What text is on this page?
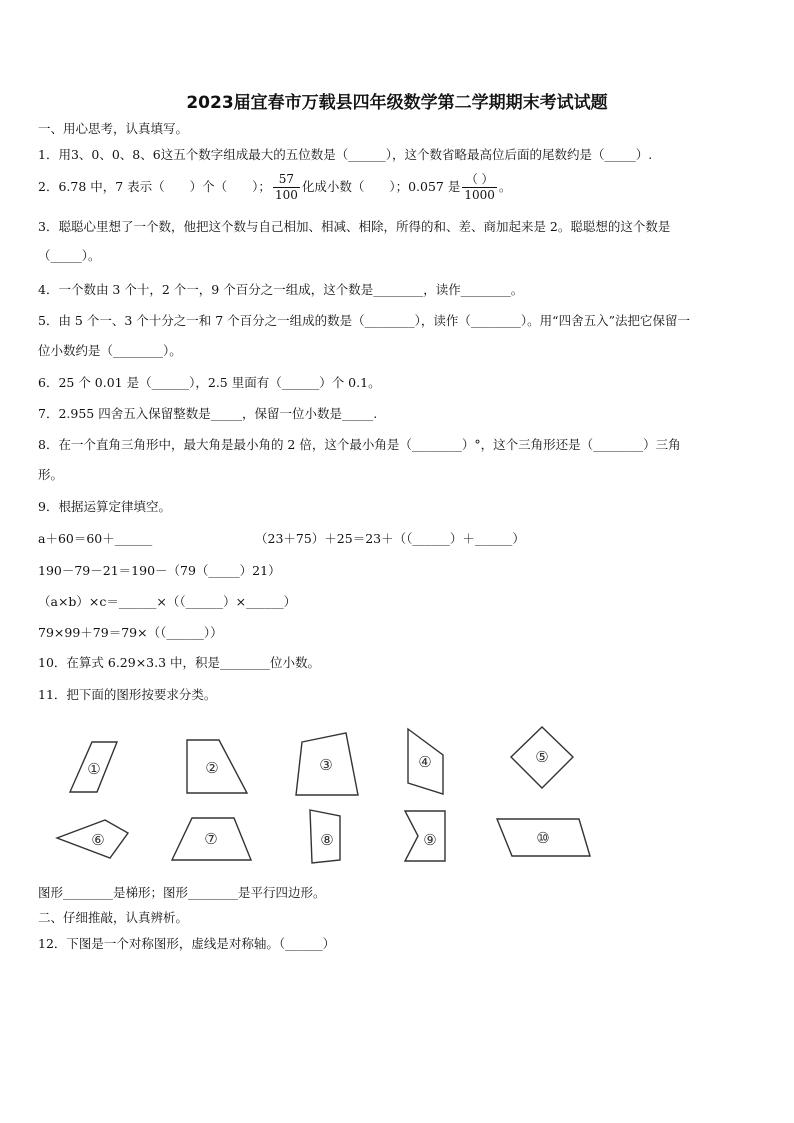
2023届宜春市万载县四年级数学第二学期期末考试试题
一、用心思考，认真填写。
1．用3、0、0、8、6这五个数字组成最大的五位数是（______），这个数省略最高位后面的尾数约是（_____）.
2．6.78 中，7 表示（　　）个（　　）； $\frac{57}{100}$ 化成小数（　　）；0.057 是 $\frac{( )}{1000}$ 。
3．聪聪心里想了一个数，他把这个数与自己相加、相减、相除，所得的和、差、商加起来是 2。聪聪想的这个数是
（_____）。
4．一个数由 3 个十，2 个一，9 个百分之一组成，这个数是________，读作________。
5．由 5 个一、3 个十分之一和 7 个百分之一组成的数是（________），读作（________）。用“四舍五入”法把它保留一
位小数约是（________）。
6．25 个 0.01 是（______），2.5 里面有（______）个 0.1。
7．2.955 四舍五入保留整数是_____，保留一位小数是_____.
8．在一个直角三角形中，最大角是最小角的 2 倍，这个最小角是（________）°，这个三角形还是（________）三角
形。
9．根据运算定律填空。
a＋60＝60＋______	（23＋75）＋25＝23＋（（______）＋______）
190－79－21＝190－（79（_____）21）
（a×b）×c＝______×（（______）×______）
79×99＋79＝79×（（______））
10．在算式 6.29×3.3 中，积是________位小数。
11．把下面的图形按要求分类。
①	②	③	④	⑤
⑥	⑦	⑧	⑨	⑩
图形________是梯形；图形________是平行四边形。
二、仔细推敲，认真辨析。
12．下图是一个对称图形，虚线是对称轴。（______）
